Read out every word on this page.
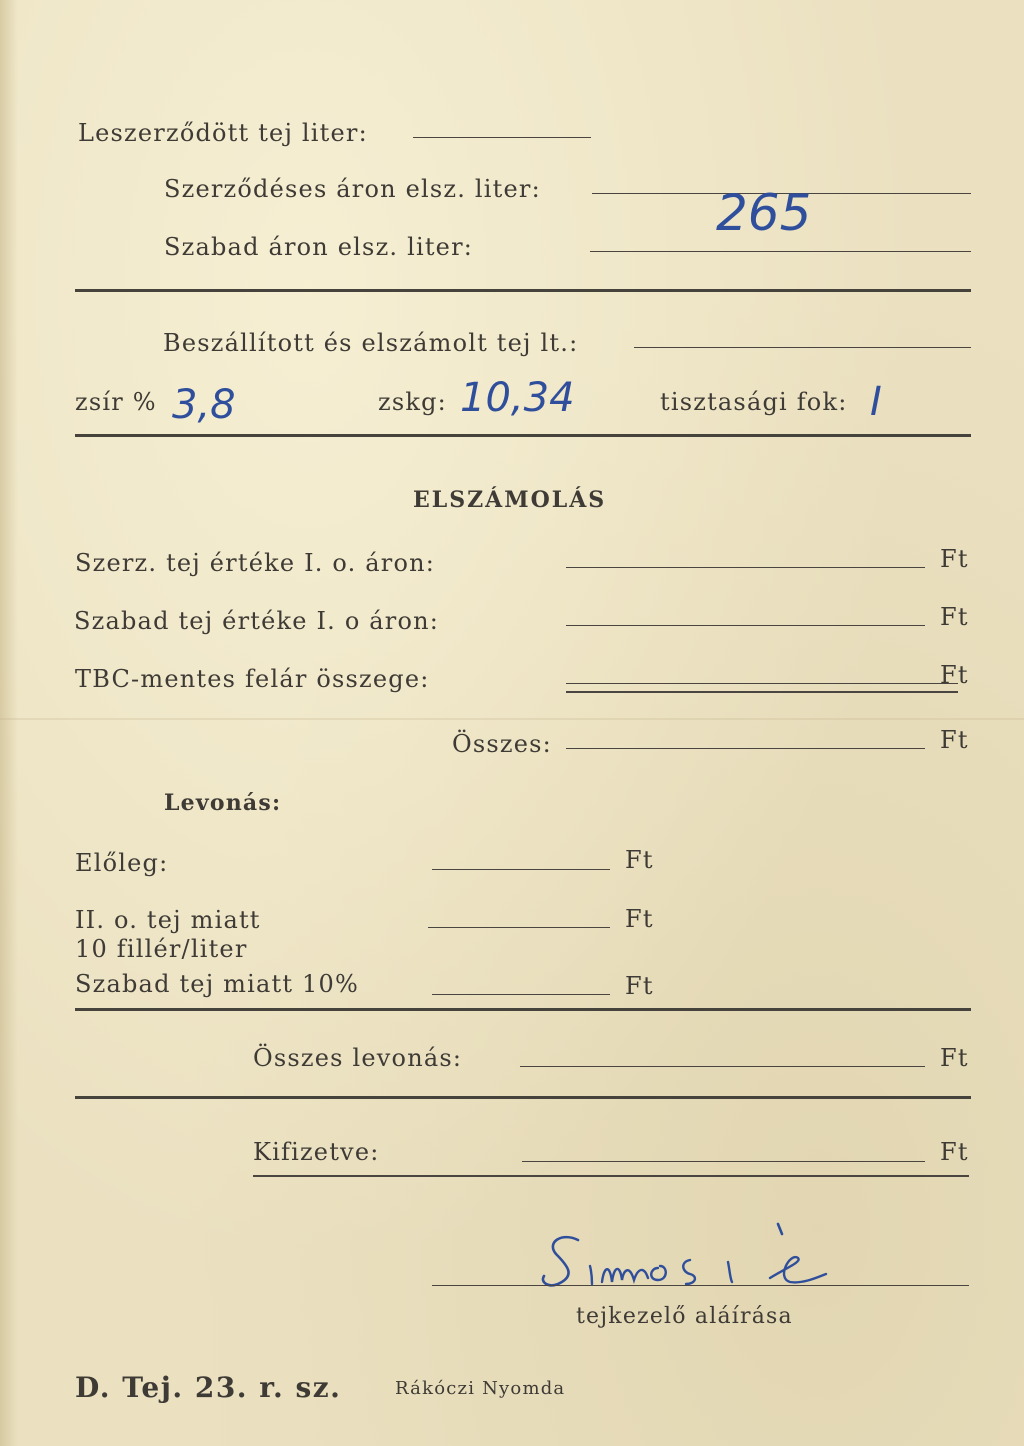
Leszerződött tej liter:
Szerződéses áron elsz. liter:	265
Szabad áron elsz. liter:
Beszállított és elszámolt tej lt.:
zsír % 3,8	zskg: 10,34	tisztasági fok: I
ELSZÁMOLÁS
Szerz. tej értéke I. o. áron:	Ft
Szabad tej értéke I. o áron:	Ft
TBC-mentes felár összege:	Ft
Összes:	Ft
Levonás:
Előleg:	Ft
II. o. tej miatt
10 fillér/liter
Ft
Szabad tej miatt 10%	Ft
Összes levonás:	Ft
Kifizetve:	Ft
tejkezelő aláírása
D. Tej. 23. r. sz.	Rákóczi Nyomda
